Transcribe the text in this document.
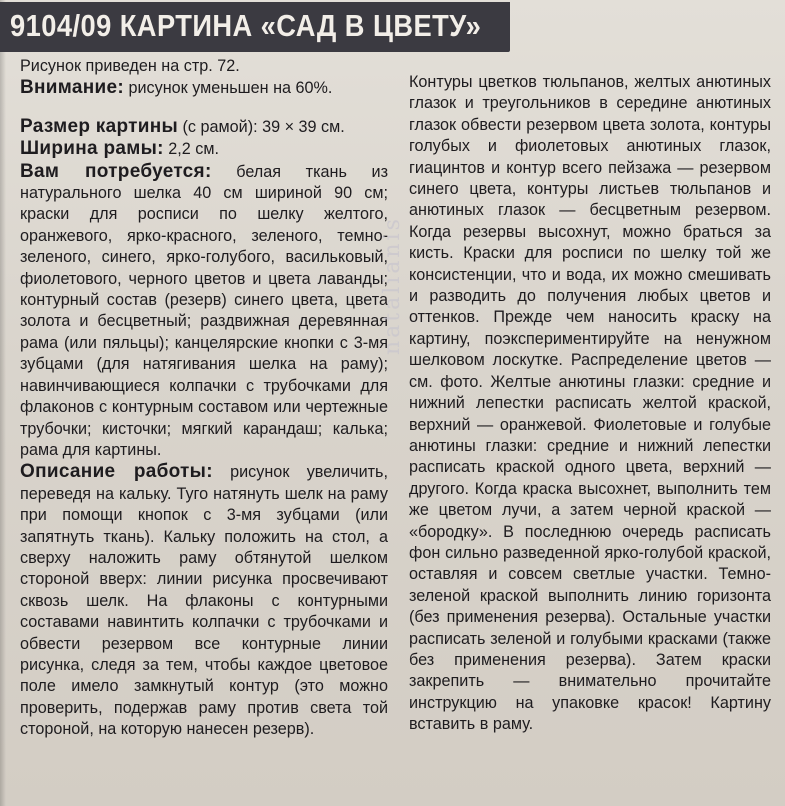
9104/09 КАРТИНА «САД В ЦВЕТУ»

Рисунок приведен на стр. 72.

Внимание: рисунок уменьшен на 60%.

Размер картины (с рамой): 39 × 39 см.

Ширина рамы: 2,2 см.

Вам потребуется: белая ткань из натурального шелка 40 см шириной 90 см; краски для росписи по шелку желтого, оранжевого, ярко-красного, зеленого, темно-зеленого, синего, ярко-голубого, васильковый, фиолетового, черного цветов и цвета лаванды; контурный состав (резерв) синего цвета, цвета золота и бесцветный; раздвижная деревянная рама (или пяльцы); канцелярские кнопки с 3-мя зубцами (для натягивания шелка на раму); навинчивающиеся колпачки с трубочками для флаконов с контурным составом или чертежные трубочки; кисточки; мягкий карандаш; калька; рама для картины.

Описание работы: рисунок увеличить, переведя на кальку. Туго натянуть шелк на раму при помощи кнопок с 3-мя зубцами (или запятнуть ткань). Кальку положить на стол, а сверху наложить раму обтянутой шелком стороной вверх: линии рисунка просвечивают сквозь шелк. На флаконы с контурными составами навинтить колпачки с трубочками и обвести резервом все контурные линии рисунка, следя за тем, чтобы каждое цветовое поле имело замкнутый контур (это можно проверить, подержав раму против света той стороной, на которую нанесен резерв).

Контуры цветков тюльпанов, желтых анютиных глазок и треугольников в середине анютиных глазок обвести резервом цвета золота, контуры голубых и фиолетовых анютиных глазок, гиацинтов и контур всего пейзажа — резервом синего цвета, контуры листьев тюльпанов и анютиных глазок — бесцветным резервом. Когда резервы высохнут, можно браться за кисть. Краски для росписи по шелку той же консистенции, что и вода, их можно смешивать и разводить до получения любых цветов и оттенков. Прежде чем наносить краску на картину, поэкспериментируйте на ненужном шелковом лоскутке. Распределение цветов — см. фото. Желтые анютины глазки: средние и нижний лепестки расписать желтой краской, верхний — оранжевой. Фиолетовые и голубые анютины глазки: средние и нижний лепестки расписать краской одного цвета, верхний — другого. Когда краска высохнет, выполнить тем же цветом лучи, а затем черной краской — «бородку». В последнюю очередь расписать фон сильно разведенной ярко-голубой краской, оставляя и совсем светлые участки. Темно-зеленой краской выполнить линию горизонта (без применения резерва). Остальные участки расписать зеленой и голубыми красками (также без применения резерва). Затем краски закрепить — внимательно прочитайте инструкцию на упаковке красок! Картину вставить в раму.

natalianis
